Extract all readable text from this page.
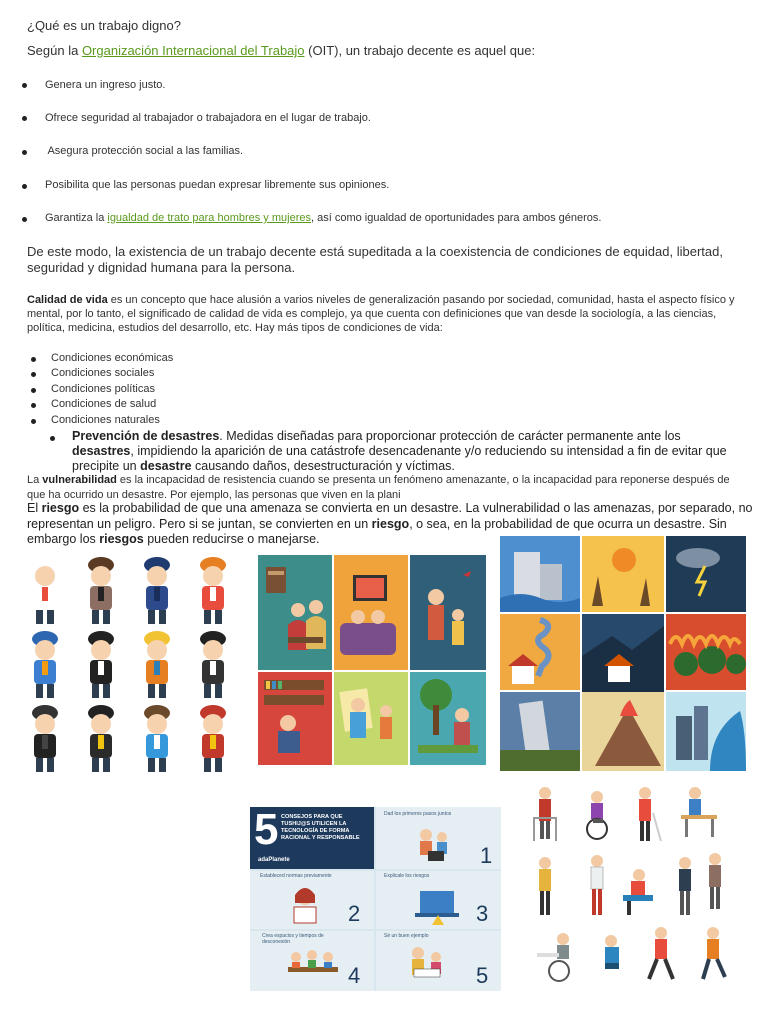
¿Qué es un trabajo digno?
Según la Organización Internacional del Trabajo (OIT), un trabajo decente es aquel que:
Genera un ingreso justo.
Ofrece seguridad al trabajador o trabajadora en el lugar de trabajo.
Asegura protección social a las familias.
Posibilita que las personas puedan expresar libremente sus opiniones.
Garantiza la igualdad de trato para hombres y mujeres, así como igualdad de oportunidades para ambos géneros.
De este modo, la existencia de un trabajo decente está supeditada a la coexistencia de condiciones de equidad, libertad, seguridad y dignidad humana para la persona.
Calidad de vida es un concepto que hace alusión a varios niveles de generalización pasando por sociedad, comunidad, hasta el aspecto físico y mental, por lo tanto, el significado de calidad de vida es complejo, ya que cuenta con definiciones que van desde la sociología, a las ciencias, política, medicina, estudios del desarrollo, etc. Hay más tipos de condiciones de vida:
Condiciones económicas
Condiciones sociales
Condiciones políticas
Condiciones de salud
Condiciones naturales
Prevención de desastres. Medidas diseñadas para proporcionar protección de carácter permanente ante los desastres, impidiendo la aparición de una catástrofe desencadenante y/o reduciendo su intensidad a fin de evitar que precipite un desastre causando daños, desestructuración y víctimas.
La vulnerabilidad es la incapacidad de resistencia cuando se presenta un fenómeno amenazante, o la incapacidad para reponerse después de que ha ocurrido un desastre. Por ejemplo, las personas que viven en la plani
El riesgo es la probabilidad de que una amenaza se convierta en un desastre. La vulnerabilidad o las amenazas, por separado, no representan un peligro. Pero si se juntan, se convierten en un riesgo, o sea, en la probabilidad de que ocurra un desastre. Sin embargo los riesgos pueden reducirse o manejarse.
5 CONSEJOS PARA QUE TUSHIJ@S UTILICEN LA TECNOLOGÍA DE FORMA RACIONAL Y RESPONSABLE
adaPlanete
Dad los primeros pasos juntos
1
Estableced normas previamente
2
Explicale los riesgos
3
Crea espacios y tiempos de desconexión
4
Sé un buen ejemplo
5
